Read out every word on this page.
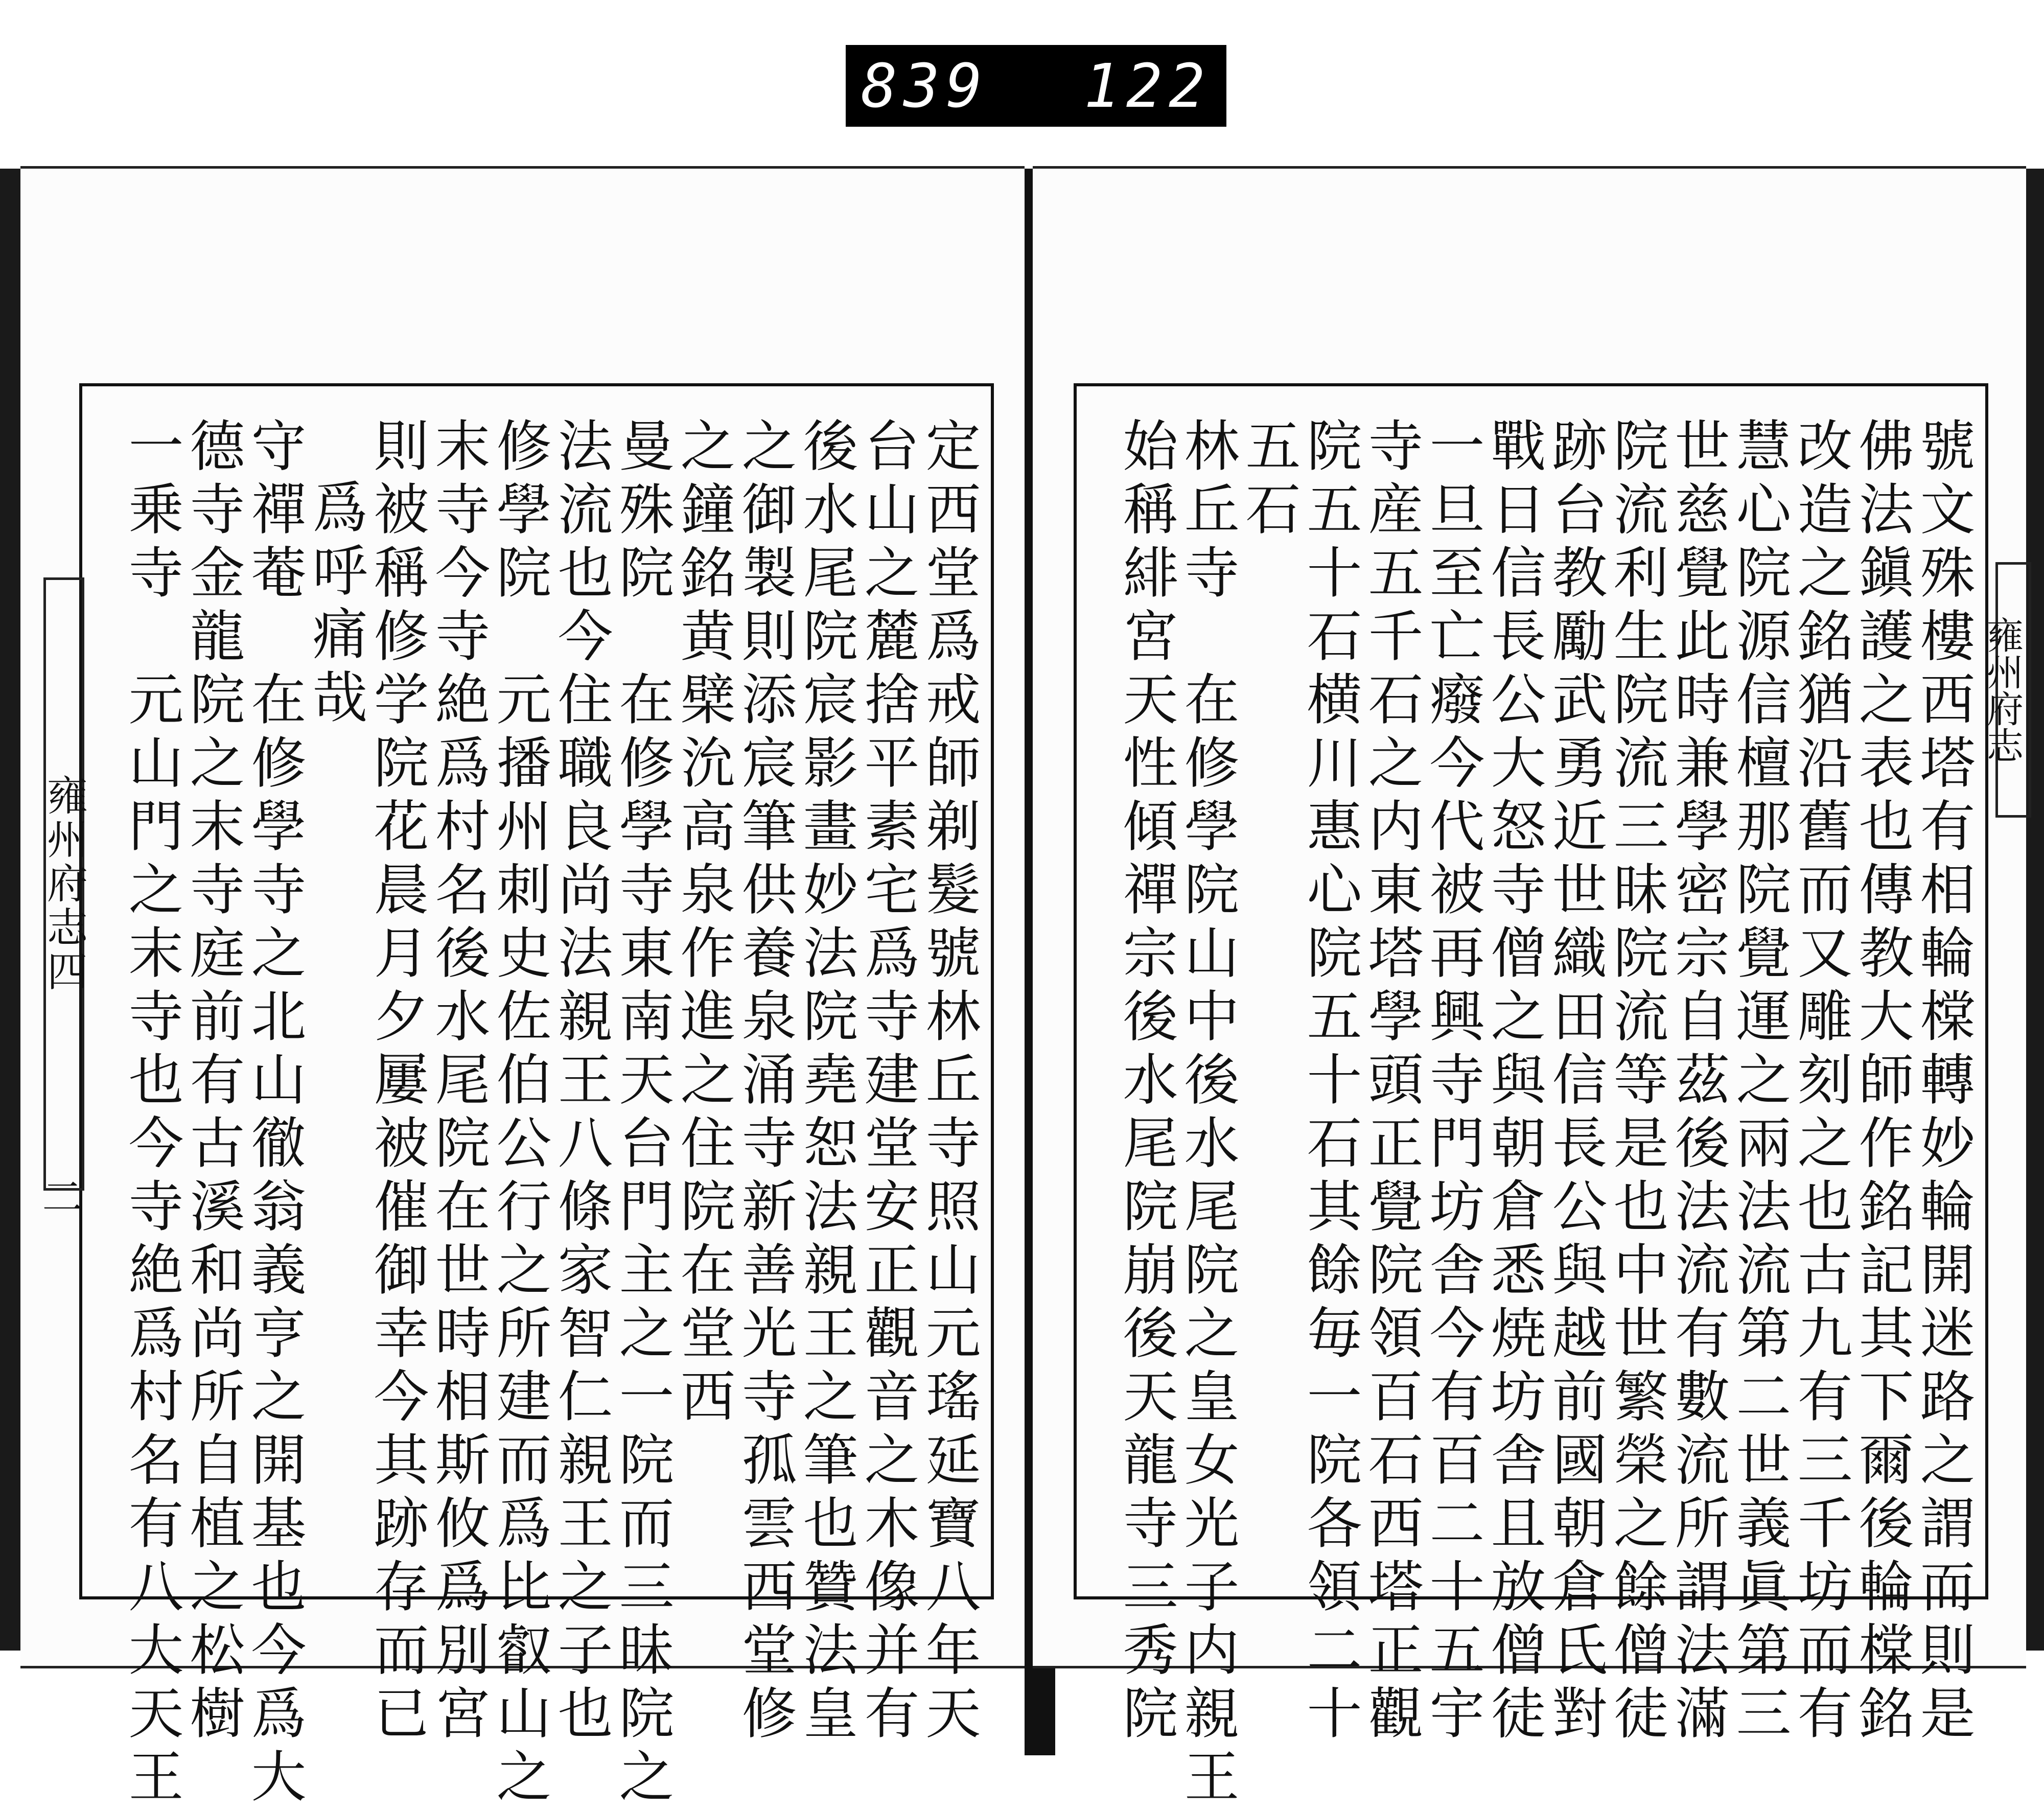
839 122
定西堂爲戒師剃髮號林丘寺照山元瑤延寶八年天
台山之麓捨平素宅爲寺建堂安正觀音之木像并有
後水尾院宸影畫妙法院堯恕法親王之筆也贊法皇
之御製則添宸筆供養泉涌寺新善光寺孤雲西堂修
之鐘銘黄檗沇高泉作進之住院在堂西
曼殊院　在修學寺東南天台門主之一院而三昧院之
法流也今住職良尚法親王八條家智仁親王之子也
修學院　元播州刺史佐伯公行之所建而爲比叡山之
末寺今寺絶爲村名後水尾院在世時相斯攸爲別宮
則被稱修学院花晨月夕屢被催御幸今其跡存而已
爲呼痛哉
守禪菴　在修學寺之北山徹翁義亨之開基也今爲大
德寺金龍院之末寺庭前有古溪和尚所自植之松樹
一乗寺　元山門之末寺也今寺絶爲村名有八大天王
雍州府志四
二	號文殊樓西塔有相輪橖轉妙輪開迷路之謂而則是
佛法鎭護之表也傳教大師作銘記其下爾後輪橖銘
改造之銘猶沿舊而又雕刻之也古九有三千坊而有
慧心院源信檀那院覺運之兩法流第二世義眞第三
世慈覺此時兼學密宗自茲後法流有數流所謂法滿
院流利生院流三昧院流等是也中世繁榮之餘僧徒
跡台教勵武勇近世織田信長公與越前國朝倉氏對
戰日信長公大怒寺僧之與朝倉悉焼坊舎且放僧徒
一旦至亡癈今代被再興寺門坊舎今有百二十五宇
寺産五千石之内東塔學頭正覺院領百石西塔正觀
院五十石横川惠心院五十石其餘毎一院各領二十
五石
林丘寺　在修學院山中後水尾院之皇女光子内親王
始稱緋宮天性傾禪宗後水尾院崩後天龍寺三秀院	雍州府志
